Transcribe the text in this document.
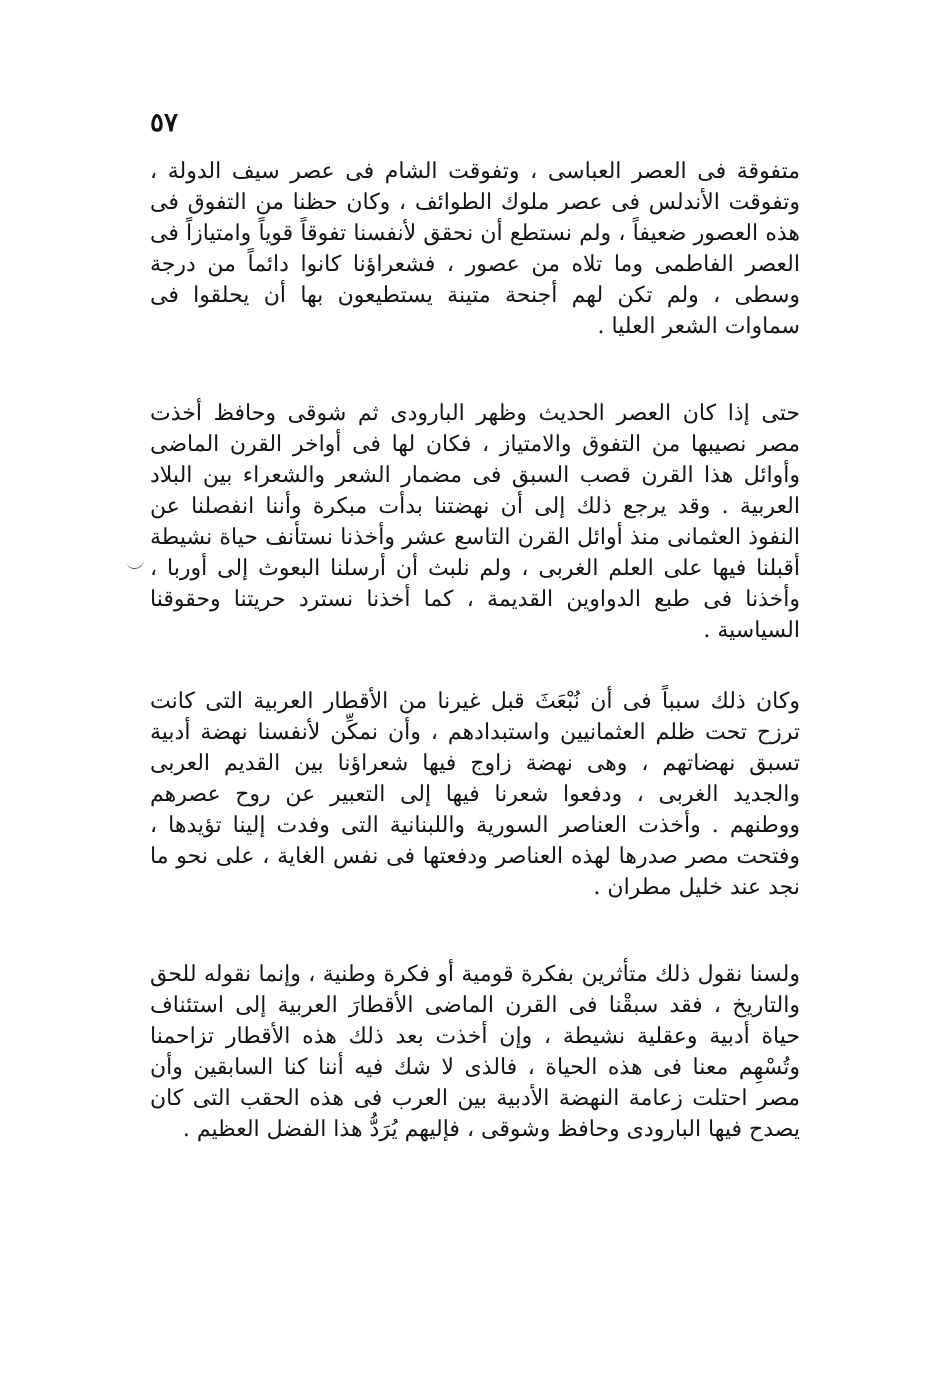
٥٧

متفوقة فى العصر العباسى ، وتفوقت الشام فى عصر سيف الدولة ، وتفوقت الأندلس فى عصر ملوك الطوائف ، وكان حظنا من التفوق فى هذه العصور ضعيفاً ، ولم نستطع أن نحقق لأنفسنا تفوقاً قوياً وامتيازاً فى العصر الفاطمى وما تلاه من عصور ، فشعراؤنا كانوا دائماً من درجة وسطى ، ولم تكن لهم أجنحة متينة يستطيعون بها أن يحلقوا فى سماوات الشعر العليا .

حتى إذا كان العصر الحديث وظهر البارودى ثم شوقى وحافظ أخذت مصر نصيبها من التفوق والامتياز ، فكان لها فى أواخر القرن الماضى وأوائل هذا القرن قصب السبق فى مضمار الشعر والشعراء بين البلاد العربية . وقد يرجع ذلك إلى أن نهضتنا بدأت مبكرة وأننا انفصلنا عن النفوذ العثمانى منذ أوائل القرن التاسع عشر وأخذنا نستأنف حياة نشيطة أقبلنا فيها على العلم الغربى ، ولم نلبث أن أرسلنا البعوث إلى أوربا ، وأخذنا فى طبع الدواوين القديمة ، كما أخذنا نسترد حريتنا وحقوقنا السياسية .

وكان ذلك سبباً فى أن نُبْعَثَ قبل غيرنا من الأقطار العربية التى كانت ترزح تحت ظلم العثمانيين واستبدادهم ، وأن نمكِّن لأنفسنا نهضة أدبية تسبق نهضاتهم ، وهى نهضة زاوج فيها شعراؤنا بين القديم العربى والجديد الغربى ، ودفعوا شعرنا فيها إلى التعبير عن روح عصرهم ووطنهم . وأخذت العناصر السورية واللبنانية التى وفدت إلينا تؤيدها ، وفتحت مصر صدرها لهذه العناصر ودفعتها فى نفس الغاية ، على نحو ما نجد عند خليل مطران .

ولسنا نقول ذلك متأثرين بفكرة قومية أو فكرة وطنية ، وإنما نقوله للحق والتاريخ ، فقد سبقْنا فى القرن الماضى الأقطارَ العربية إلى استئناف حياة أدبية وعقلية نشيطة ، وإن أخذت بعد ذلك هذه الأقطار تزاحمنا وتُسْهِم معنا فى هذه الحياة ، فالذى لا شك فيه أننا كنا السابقين وأن مصر احتلت زعامة النهضة الأدبية بين العرب فى هذه الحقب التى كان يصدح فيها البارودى وحافظ وشوقى ، فإليهم يُرَدُّ هذا الفضل العظيم .
